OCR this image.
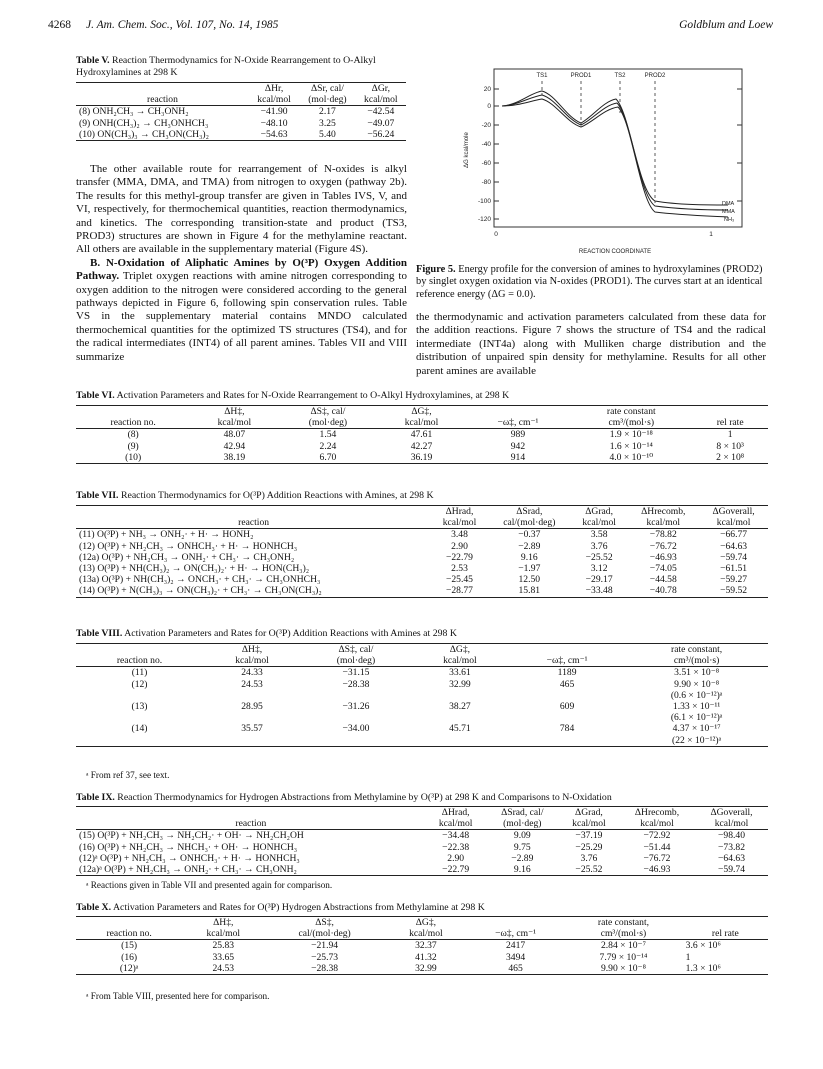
4268 J. Am. Chem. Soc., Vol. 107, No. 14, 1985	Goldblum and Loew
Table V. Reaction Thermodynamics for N-Oxide Rearrangement to O-Alkyl Hydroxylamines at 298 K
	ΔHr,	ΔSr, cal/	ΔGr,
reaction	kcal/mol	(mol·deg)	kcal/mol
(8) ONH₂CH₃ → CH₃ONH₂	−41.90	2.17	−42.54
(9) ONH(CH₃)₂ → CH₃ONHCH₃	−48.10	3.25	−49.07
(10) ON(CH₃)₃ → CH₃ON(CH₃)₂	−54.63	5.40	−56.24

The other available route for rearrangement of N-oxides is alkyl transfer (MMA, DMA, and TMA) from nitrogen to oxygen (pathway 2b). The results for this methyl-group transfer are given in Tables IVS, V, and VI, respectively, for thermochemical quantities, reaction thermodynamics, and kinetics. The corresponding transition-state and product (TS3, PROD3) structures are shown in Figure 4 for the methylamine reactant. All others are available in the supplementary material (Figure 4S).

B. N-Oxidation of Aliphatic Amines by O(³P) Oxygen Addition Pathway. Triplet oxygen reactions with amine nitrogen corresponding to oxygen addition to the nitrogen were considered according to the general pathways depicted in Figure 6, following spin conservation rules. Table VS in the supplementary material contains MNDO calculated thermochemical quantities for the optimized TS structures (TS4), and for the radical intermediates (INT4) of all parent amines. Tables VII and VIII summarize

20
0
-20
-40
-60
-80
-100
-120
ΔG kcal/mole
TS1	PROD1	TS2	PROD2
DMA
MMA
NH₃
0	1
REACTION COORDINATE
Figure 5. Energy profile for the conversion of amines to hydroxylamines (PROD2) by singlet oxygen oxidation via N-oxides (PROD1). The curves start at an identical reference energy (ΔG = 0.0).

the thermodynamic and activation parameters calculated from these data for the addition reactions. Figure 7 shows the structure of TS4 and the radical intermediate (INT4a) along with Mulliken charge distribution and the distribution of unpaired spin density for methylamine. Results for all other parent amines are available

Table VI. Activation Parameters and Rates for N-Oxide Rearrangement to O-Alkyl Hydroxylamines, at 298 K
	ΔH‡,	ΔS‡, cal/	ΔG‡,		rate constant	
reaction no.	kcal/mol	(mol·deg)	kcal/mol	−ω‡, cm⁻¹	cm³/(mol·s)	rel rate
(8)	48.07	1.54	47.61	989	1.9 × 10⁻¹⁸	1
(9)	42.94	2.24	42.27	942	1.6 × 10⁻¹⁴	8 × 10³
(10)	38.19	6.70	36.19	914	4.0 × 10⁻¹⁰	2 × 10⁸
Table VII. Reaction Thermodynamics for O(³P) Addition Reactions with Amines, at 298 K
	ΔHrad,	ΔSrad,	ΔGrad,	ΔHrecomb,	ΔGoverall,
reaction	kcal/mol	cal/(mol·deg)	kcal/mol	kcal/mol	kcal/mol
(11) O(³P) + NH₃ → ONH₂· + H· → HONH₂	3.48	−0.37	3.58	−78.82	−66.77
(12) O(³P) + NH₂CH₃ → ONHCH₃· + H· → HONHCH₃	2.90	−2.89	3.76	−76.72	−64.63
(12a) O(³P) + NH₂CH₃ → ONH₂· + CH₃· → CH₃ONH₂	−22.79	9.16	−25.52	−46.93	−59.74
(13) O(³P) + NH(CH₃)₂ → ON(CH₃)₂· + H· → HON(CH₃)₂	2.53	−1.97	3.12	−74.05	−61.51
(13a) O(³P) + NH(CH₃)₂ → ONCH₃· + CH₃· → CH₃ONHCH₃	−25.45	12.50	−29.17	−44.58	−59.27
(14) O(³P) + N(CH₃)₃ → ON(CH₃)₂· + CH₃· → CH₃ON(CH₃)₂	−28.77	15.81	−33.48	−40.78	−59.52
Table VIII. Activation Parameters and Rates for O(³P) Addition Reactions with Amines at 298 K
	ΔH‡,	ΔS‡, cal/	ΔG‡,		rate constant,
reaction no.	kcal/mol	(mol·deg)	kcal/mol	−ω‡, cm⁻¹	cm³/(mol·s)
(11)	24.33	−31.15	33.61	1189	3.51 × 10⁻⁸
(12)	24.53	−28.38	32.99	465	9.90 × 10⁻⁸
					(0.6 × 10⁻¹²)ᵃ
(13)	28.95	−31.26	38.27	609	1.33 × 10⁻¹¹
					(6.1 × 10⁻¹²)ᵃ
(14)	35.57	−34.00	45.71	784	4.37 × 10⁻¹⁷
					(22 × 10⁻¹²)ᵃ
ᵃ From ref 37, see text.
Table IX. Reaction Thermodynamics for Hydrogen Abstractions from Methylamine by O(³P) at 298 K and Comparisons to N-Oxidation
	ΔHrad,	ΔSrad, cal/	ΔGrad,	ΔHrecomb,	ΔGoverall,
reaction	kcal/mol	(mol·deg)	kcal/mol	kcal/mol	kcal/mol
(15) O(³P) + NH₂CH₃ → NH₂CH₂· + OH· → NH₂CH₂OH	−34.48	9.09	−37.19	−72.92	−98.40
(16) O(³P) + NH₂CH₃ → NHCH₃· + OH· → HONHCH₃	−22.38	9.75	−25.29	−51.44	−73.82
(12)ᵃ O(³P) + NH₂CH₃ → ONHCH₃· + H· → HONHCH₃	2.90	−2.89	3.76	−76.72	−64.63
(12a)ᵃ O(³P) + NH₂CH₃ → ONH₂· + CH₃· → CH₃ONH₂	−22.79	9.16	−25.52	−46.93	−59.74
ᵃ Reactions given in Table VII and presented again for comparison.
Table X. Activation Parameters and Rates for O(³P) Hydrogen Abstractions from Methylamine at 298 K
	ΔH‡,	ΔS‡,	ΔG‡,		rate constant,	
reaction no.	kcal/mol	cal/(mol·deg)	kcal/mol	−ω‡, cm⁻¹	cm³/(mol·s)	rel rate
(15)	25.83	−21.94	32.37	2417	2.84 × 10⁻⁷	3.6 × 10⁶
(16)	33.65	−25.73	41.32	3494	7.79 × 10⁻¹⁴	1
(12)ᵃ	24.53	−28.38	32.99	465	9.90 × 10⁻⁸	1.3 × 10⁶
ᵃ From Table VIII, presented here for comparison.
